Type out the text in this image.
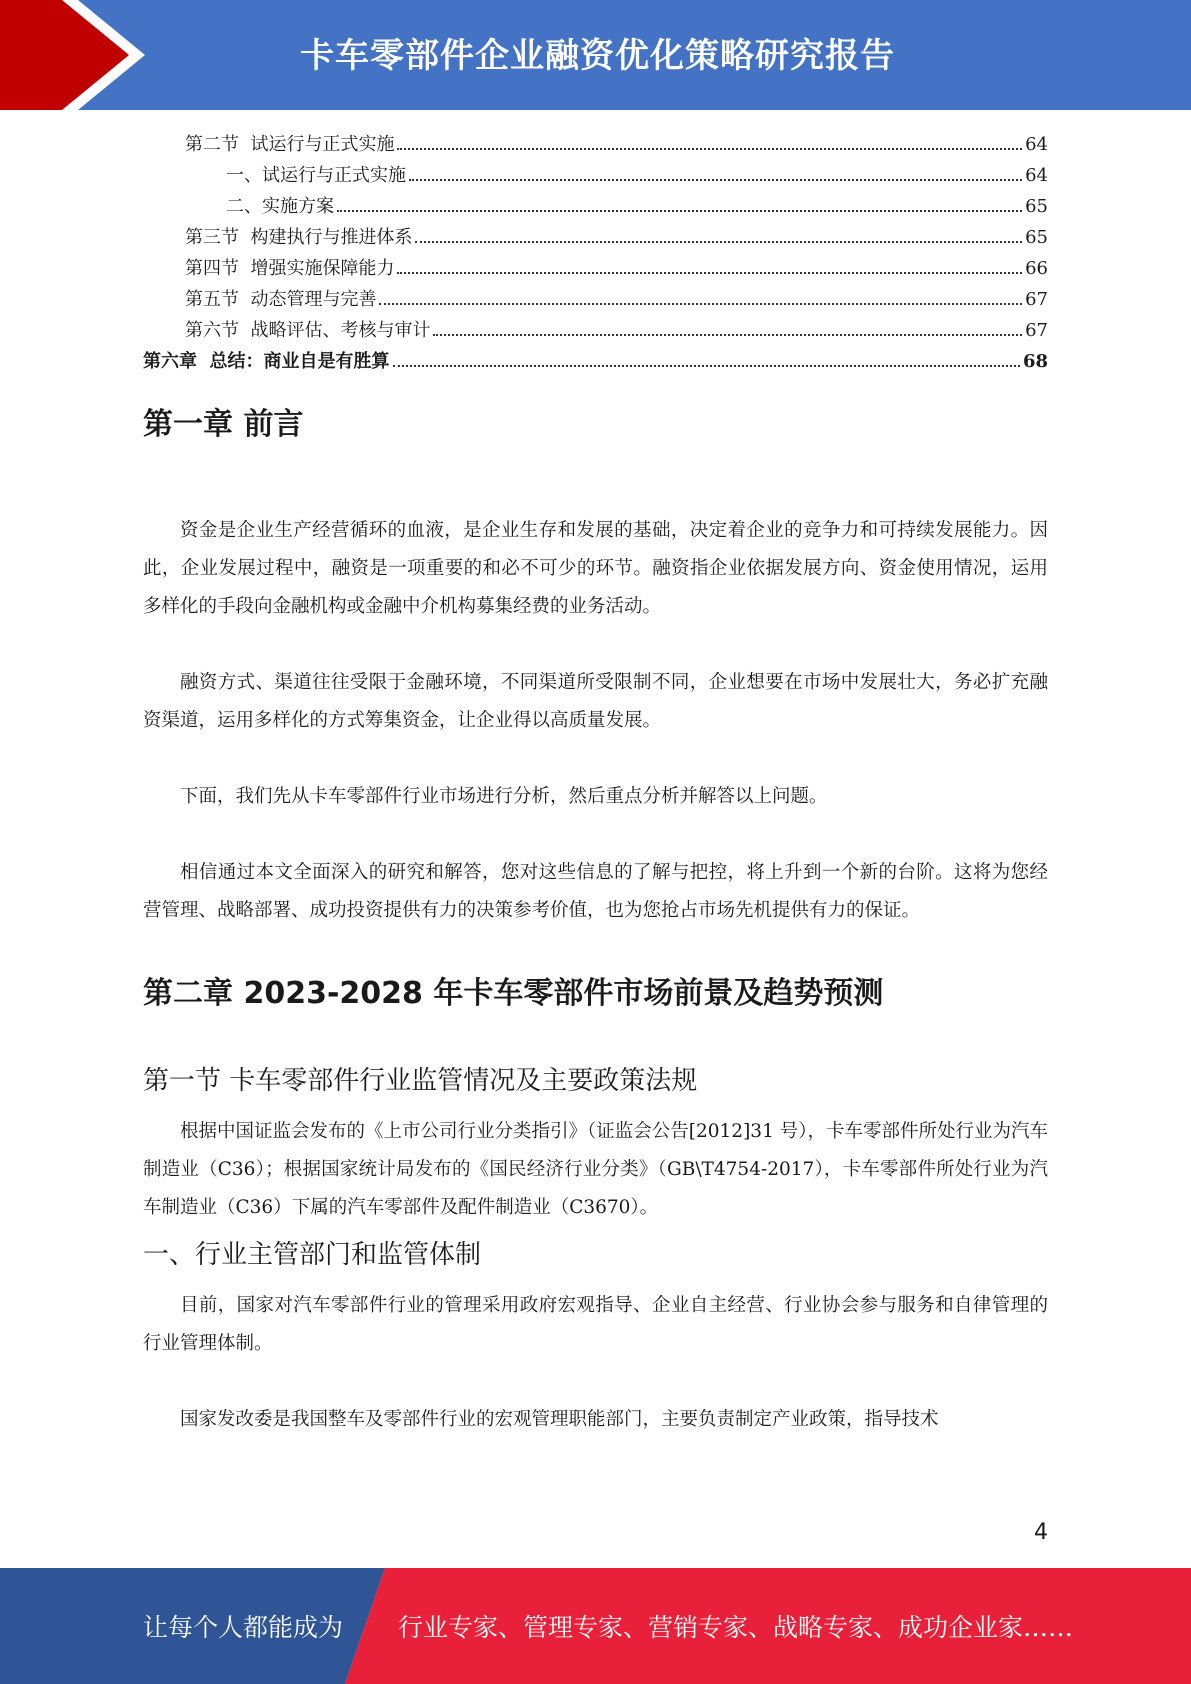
卡车零部件企业融资优化策略研究报告
第二节  试运行与正式实施	64
一、试运行与正式实施	64
二、实施方案	65
第三节  构建执行与推进体系	65
第四节  增强实施保障能力	66
第五节  动态管理与完善	67
第六节  战略评估、考核与审计	67
第六章  总结：商业自是有胜算	68
第一章 前言

资金是企业生产经营循环的血液，是企业生存和发展的基础，决定着企业的竞争力和可持续发展能力。因此，企业发展过程中，融资是一项重要的和必不可少的环节。融资指企业依据发展方向、资金使用情况，运用多样化的手段向金融机构或金融中介机构募集经费的业务活动。

融资方式、渠道往往受限于金融环境，不同渠道所受限制不同，企业想要在市场中发展壮大，务必扩充融资渠道，运用多样化的方式筹集资金，让企业得以高质量发展。

下面，我们先从卡车零部件行业市场进行分析，然后重点分析并解答以上问题。

相信通过本文全面深入的研究和解答，您对这些信息的了解与把控，将上升到一个新的台阶。这将为您经营管理、战略部署、成功投资提供有力的决策参考价值，也为您抢占市场先机提供有力的保证。

第二章 2023-2028 年卡车零部件市场前景及趋势预测
第一节 卡车零部件行业监管情况及主要政策法规

根据中国证监会发布的《上市公司行业分类指引》（证监会公告[2012]31 号），卡车零部件所处行业为汽车制造业（C36）；根据国家统计局发布的《国民经济行业分类》（GB\T4754-2017），卡车零部件所处行业为汽车制造业（C36）下属的汽车零部件及配件制造业（C3670）。

一、行业主管部门和监管体制

目前，国家对汽车零部件行业的管理采用政府宏观指导、企业自主经营、行业协会参与服务和自律管理的行业管理体制。

国家发改委是我国整车及零部件行业的宏观管理职能部门，主要负责制定产业政策，指导技术

4
让每个人都能成为 行业专家、管理专家、营销专家、战略专家、成功企业家……
